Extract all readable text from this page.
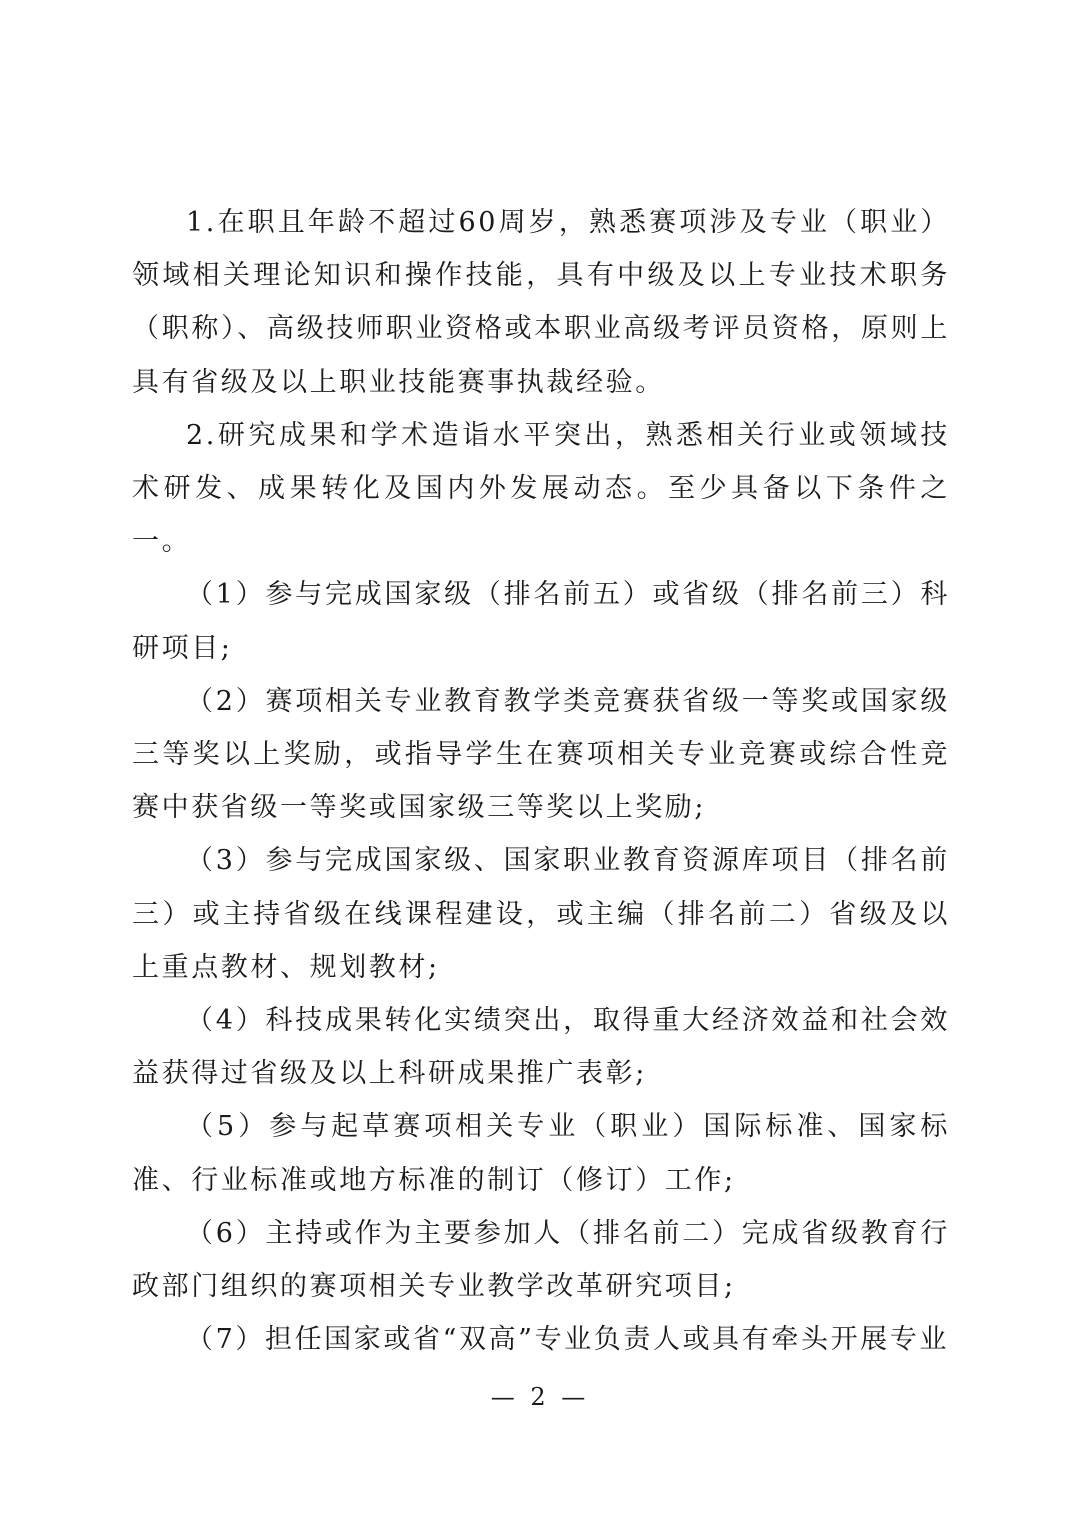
1.在职且年龄不超过60周岁，熟悉赛项涉及专业（职业）领域相关理论知识和操作技能，具有中级及以上专业技术职务（职称）、高级技师职业资格或本职业高级考评员资格，原则上具有省级及以上职业技能赛事执裁经验。

2.研究成果和学术造诣水平突出，熟悉相关行业或领域技术研发、成果转化及国内外发展动态。至少具备以下条件之一。

（1）参与完成国家级（排名前五）或省级（排名前三）科研项目;

（2）赛项相关专业教育教学类竞赛获省级一等奖或国家级三等奖以上奖励，或指导学生在赛项相关专业竞赛或综合性竞赛中获省级一等奖或国家级三等奖以上奖励;

（3）参与完成国家级、国家职业教育资源库项目（排名前三）或主持省级在线课程建设，或主编（排名前二）省级及以上重点教材、规划教材;

（4）科技成果转化实绩突出，取得重大经济效益和社会效益获得过省级及以上科研成果推广表彰;

（5）参与起草赛项相关专业（职业）国际标准、国家标准、行业标准或地方标准的制订（修订）工作;

（6）主持或作为主要参加人（排名前二）完成省级教育行政部门组织的赛项相关专业教学改革研究项目;

（7）担任国家或省“双高”专业负责人或具有牵头开展专业

— 2 —
